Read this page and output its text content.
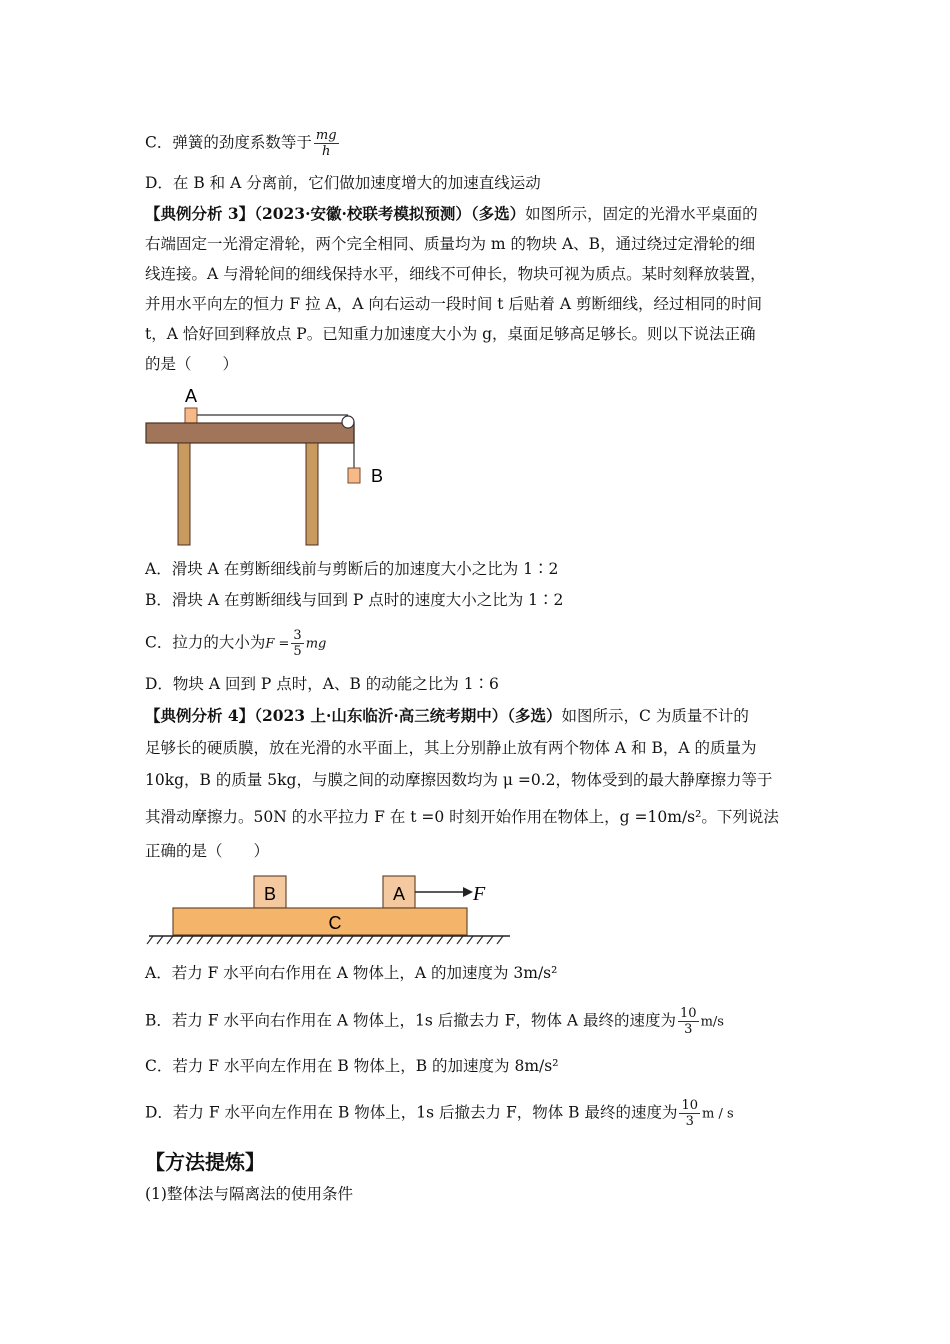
C．弹簧的劲度系数等于 $\frac{mg}{h}$
D．在 B 和 A 分离前，它们做加速度增大的加速直线运动
【典例分析 3】（2023·安徽·校联考模拟预测）（多选）如图所示，固定的光滑水平桌面的
右端固定一光滑定滑轮，两个完全相同、质量均为 m 的物块 A、B，通过绕过定滑轮的细
线连接。A 与滑轮间的细线保持水平，细线不可伸长，物块可视为质点。某时刻释放装置，
并用水平向左的恒力 F 拉 A，A 向右运动一段时间 t 后贴着 A 剪断细线，经过相同的时间
t，A 恰好回到释放点 P。已知重力加速度大小为 g，桌面足够高足够长。则以下说法正确
的是（　　）
A
B
A．滑块 A 在剪断细线前与剪断后的加速度大小之比为 1∶2
B．滑块 A 在剪断细线与回到 P 点时的速度大小之比为 1∶2
C．拉力的大小为$F = \frac{3}{5}$ mg
D．物块 A 回到 P 点时，A、B 的动能之比为 1∶6
【典例分析 4】（2023 上·山东临沂·高三统考期中）（多选）如图所示，C 为质量不计的
足够长的硬质膜，放在光滑的水平面上，其上分别静止放有两个物体 A 和 B，A 的质量为
10kg，B 的质量 5kg，与膜之间的动摩擦因数均为 μ =0.2，物体受到的最大静摩擦力等于
其滑动摩擦力。50N 的水平拉力 F 在 t =0 时刻开始作用在物体上，g =10m/s²。下列说法
正确的是（　　）
B	A	F
C
A．若力 F 水平向右作用在 A 物体上，A 的加速度为 3m/s²
B．若力 F 水平向右作用在 A 物体上，1s 后撤去力 F，物体 A 最终的速度为 $\frac{10}{3} m/s$
C．若力 F 水平向左作用在 B 物体上，B 的加速度为 8m/s²
D．若力 F 水平向左作用在 B 物体上，1s 后撤去力 F，物体 B 最终的速度为 $\frac{10}{3}$ m / s
【方法提炼】
(1)整体法与隔离法的使用条件
